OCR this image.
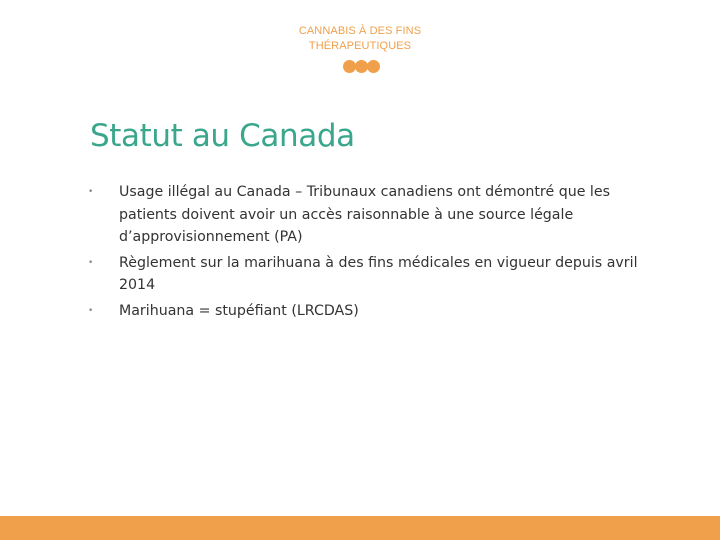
CANNABIS À DES FINS
THÉRAPEUTIQUES
Statut au Canada
•	Usage illégal au Canada – Tribunaux canadiens ont démontré que les patients doivent avoir un accès raisonnable à une source légale d’approvisionnement (PA)
•	Règlement sur la marihuana à des fins médicales en vigueur depuis avril 2014
•	Marihuana = stupéfiant (LRCDAS)
